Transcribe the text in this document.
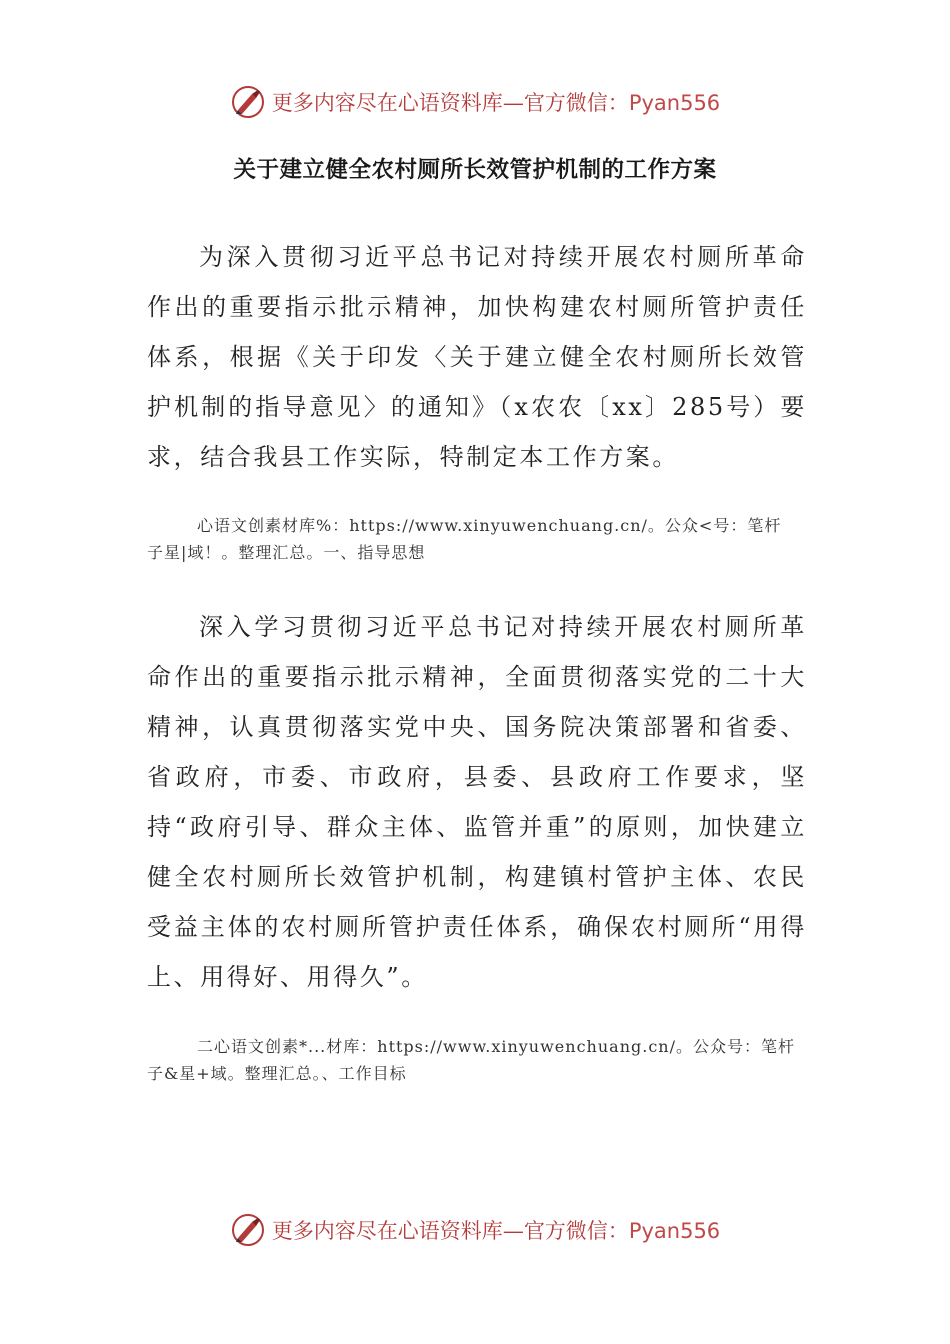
更多内容尽在心语资料库—官方微信：Pyan556
关于建立健全农村厕所长效管护机制的工作方案
为深入贯彻习近平总书记对持续开展农村厕所革命作出的重要指示批示精神，加快构建农村厕所管护责任体系，根据《关于印发〈关于建立健全农村厕所长效管护机制的指导意见〉的通知》（x农农〔xx〕285号）要求，结合我县工作实际，特制定本工作方案。
心语文创素材库%：https://www.xinyuwenchuang.cn/。公众<号：笔杆子星|域！。整理汇总。一、指导思想
深入学习贯彻习近平总书记对持续开展农村厕所革命作出的重要指示批示精神，全面贯彻落实党的二十大精神，认真贯彻落实党中央、国务院决策部署和省委、省政府，市委、市政府，县委、县政府工作要求，坚持“政府引导、群众主体、监管并重”的原则，加快建立健全农村厕所长效管护机制，构建镇村管护主体、农民受益主体的农村厕所管护责任体系，确保农村厕所“用得上、用得好、用得久”。
二心语文创素*...材库：https://www.xinyuwenchuang.cn/。公众号：笔杆子&星+域。整理汇总。、工作目标
更多内容尽在心语资料库—官方微信：Pyan556
